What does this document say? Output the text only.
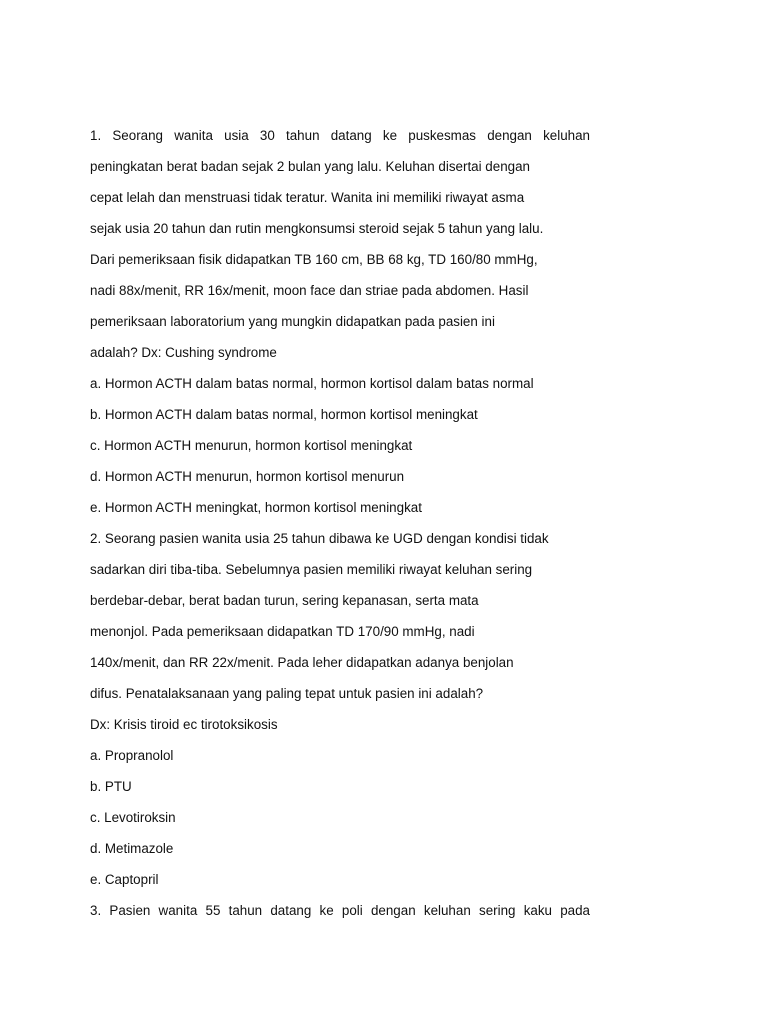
1. Seorang wanita usia 30 tahun datang ke puskesmas dengan keluhan
peningkatan berat badan sejak 2 bulan yang lalu. Keluhan disertai dengan
cepat lelah dan menstruasi tidak teratur. Wanita ini memiliki riwayat asma
sejak usia 20 tahun dan rutin mengkonsumsi steroid sejak 5 tahun yang lalu.
Dari pemeriksaan fisik didapatkan TB 160 cm, BB 68 kg, TD 160/80 mmHg,
nadi 88x/menit, RR 16x/menit, moon face dan striae pada abdomen. Hasil
pemeriksaan laboratorium yang mungkin didapatkan pada pasien ini
adalah? Dx: Cushing syndrome
a. Hormon ACTH dalam batas normal, hormon kortisol dalam batas normal
b. Hormon ACTH dalam batas normal, hormon kortisol meningkat
c. Hormon ACTH menurun, hormon kortisol meningkat
d. Hormon ACTH menurun, hormon kortisol menurun
e. Hormon ACTH meningkat, hormon kortisol meningkat
2. Seorang pasien wanita usia 25 tahun dibawa ke UGD dengan kondisi tidak
sadarkan diri tiba-tiba. Sebelumnya pasien memiliki riwayat keluhan sering
berdebar-debar, berat badan turun, sering kepanasan, serta mata
menonjol. Pada pemeriksaan didapatkan TD 170/90 mmHg, nadi
140x/menit, dan RR 22x/menit. Pada leher didapatkan adanya benjolan
difus. Penatalaksanaan yang paling tepat untuk pasien ini adalah?
Dx: Krisis tiroid ec tirotoksikosis
a. Propranolol
b. PTU
c. Levotiroksin
d. Metimazole
e. Captopril
3. Pasien wanita 55 tahun datang ke poli dengan keluhan sering kaku pada
